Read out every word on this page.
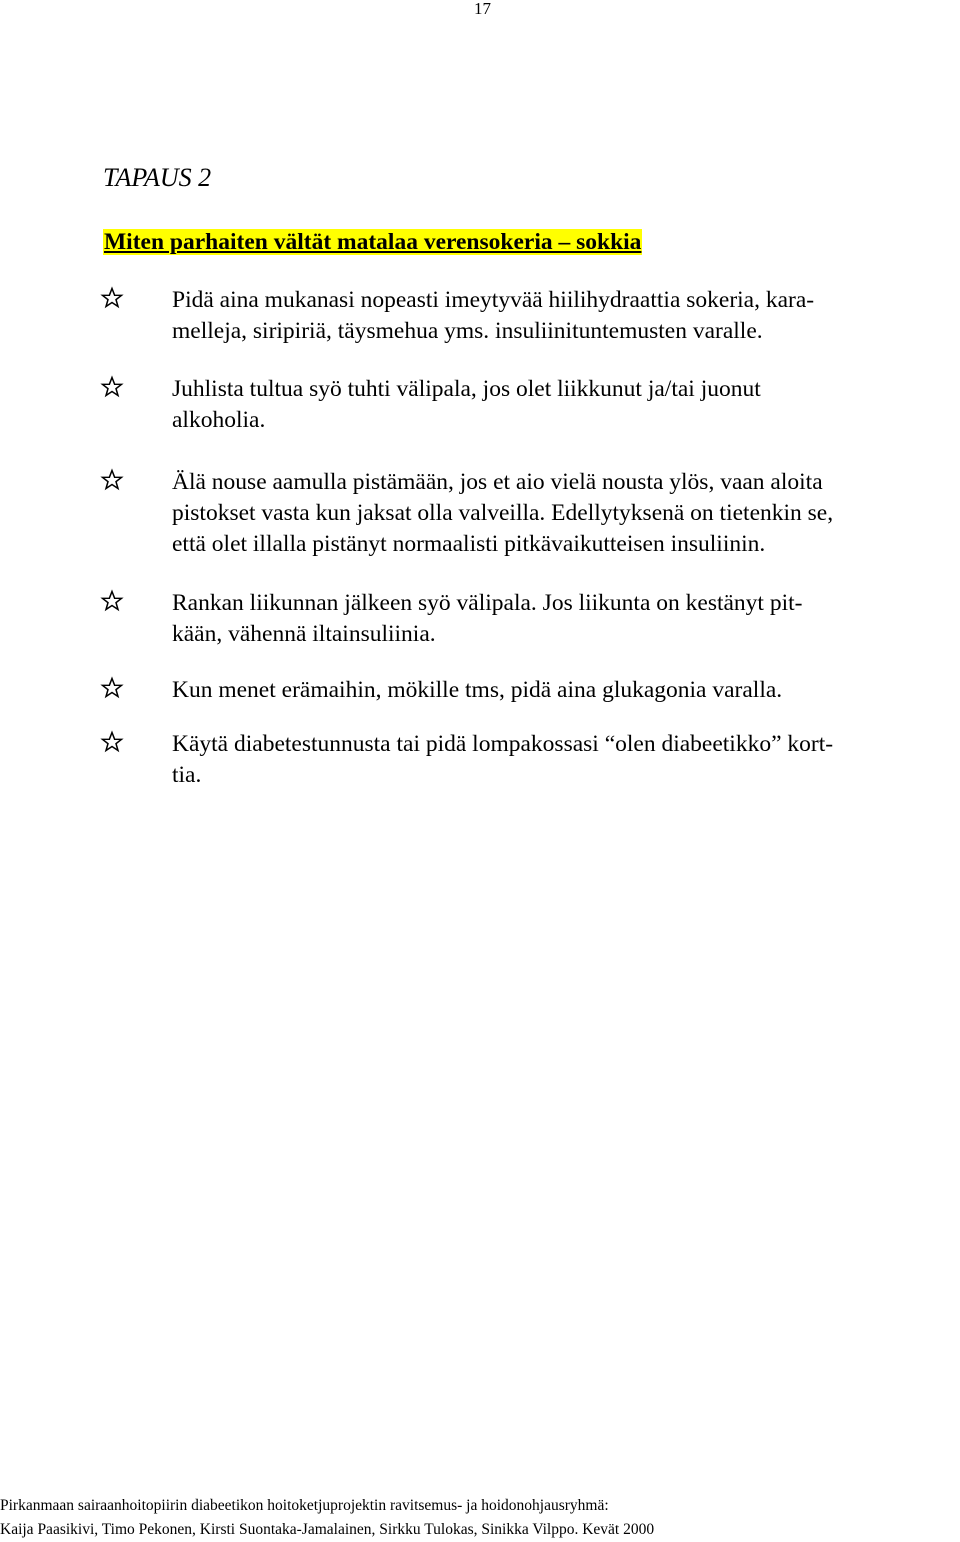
17
TAPAUS 2
Miten parhaiten vältät matalaa verensokeria – sokkia
Pidä aina mukanasi nopeasti imeytyvää hiilihydraattia sokeria, kara-
melleja, siripiriä, täysmehua yms. insuliinituntemusten varalle.
Juhlista tultua syö tuhti välipala, jos olet liikkunut ja/tai juonut
alkoholia.
Älä nouse aamulla pistämään, jos et aio vielä nousta ylös, vaan aloita
pistokset vasta kun jaksat olla valveilla. Edellytyksenä on tietenkin se,
että olet illalla pistänyt normaalisti pitkävaikutteisen insuliinin.
Rankan liikunnan jälkeen syö välipala. Jos liikunta on kestänyt pit-
kään, vähennä iltainsuliinia.
Kun menet erämaihin, mökille tms, pidä aina glukagonia varalla.
Käytä diabetestunnusta tai pidä lompakossasi “olen diabeetikko” kort-
tia.
Pirkanmaan sairaanhoitopiirin diabeetikon hoitoketjuprojektin ravitsemus- ja hoidonohjausryhmä:
Kaija Paasikivi, Timo Pekonen, Kirsti Suontaka-Jamalainen, Sirkku Tulokas, Sinikka Vilppo. Kevät 2000
